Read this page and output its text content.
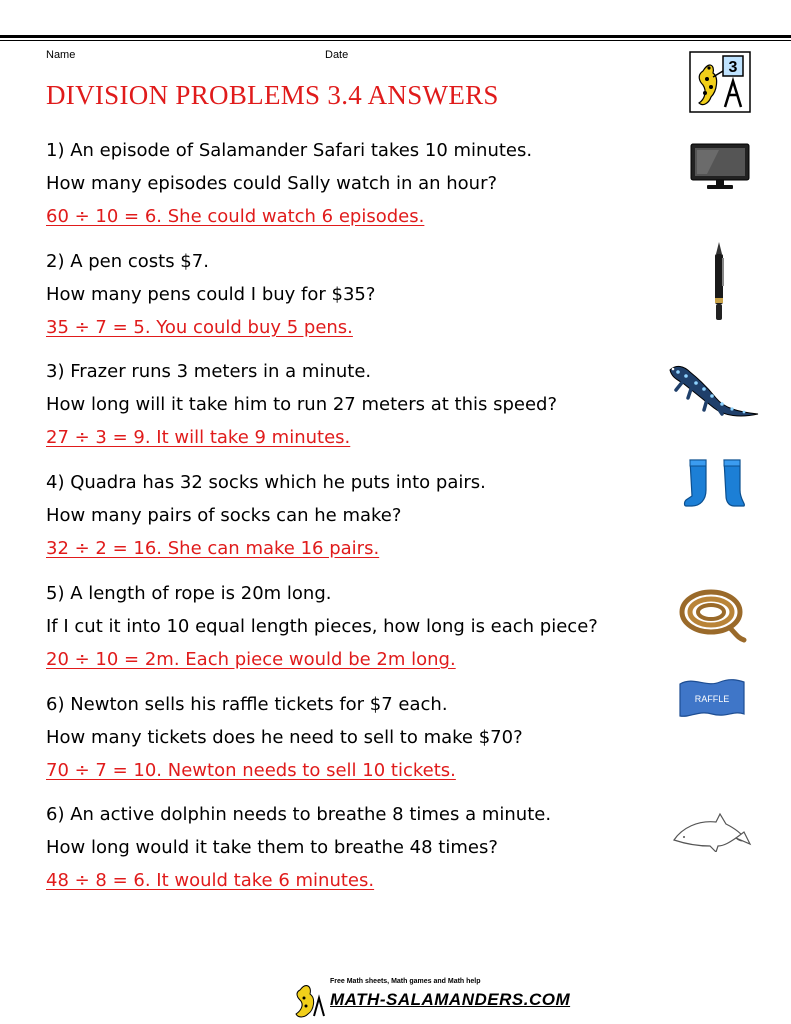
Name	Date
3
DIVISION PROBLEMS 3.4 ANSWERS
1) An episode of Salamander Safari takes 10 minutes.
How many episodes could Sally watch in an hour?
60 ÷ 10 = 6. She could watch 6 episodes.
2) A pen costs $7.
How many pens could I buy for $35?
35 ÷ 7 = 5. You could buy 5 pens.
3) Frazer runs 3 meters in a minute.
How long will it take him to run 27 meters at this speed?
27 ÷ 3 = 9. It will take 9 minutes.
4) Quadra has 32 socks which he puts into pairs.
How many pairs of socks can he make?
32 ÷ 2 = 16. She can make 16 pairs.
5) A length of rope is 20m long.
If I cut it into 10 equal length pieces, how long is each piece?
20 ÷ 10 = 2m. Each piece would be 2m long.
6) Newton sells his raffle tickets for $7 each.
How many tickets does he need to sell to make $70?
70 ÷ 7 = 10. Newton needs to sell 10 tickets.
6) An active dolphin needs to breathe 8 times a minute.
How long would it take them to breathe 48 times?
48 ÷ 8 = 6. It would take 6 minutes.
RAFFLE
Free Math sheets, Math games and Math help
MATH-SALAMANDERS.COM
